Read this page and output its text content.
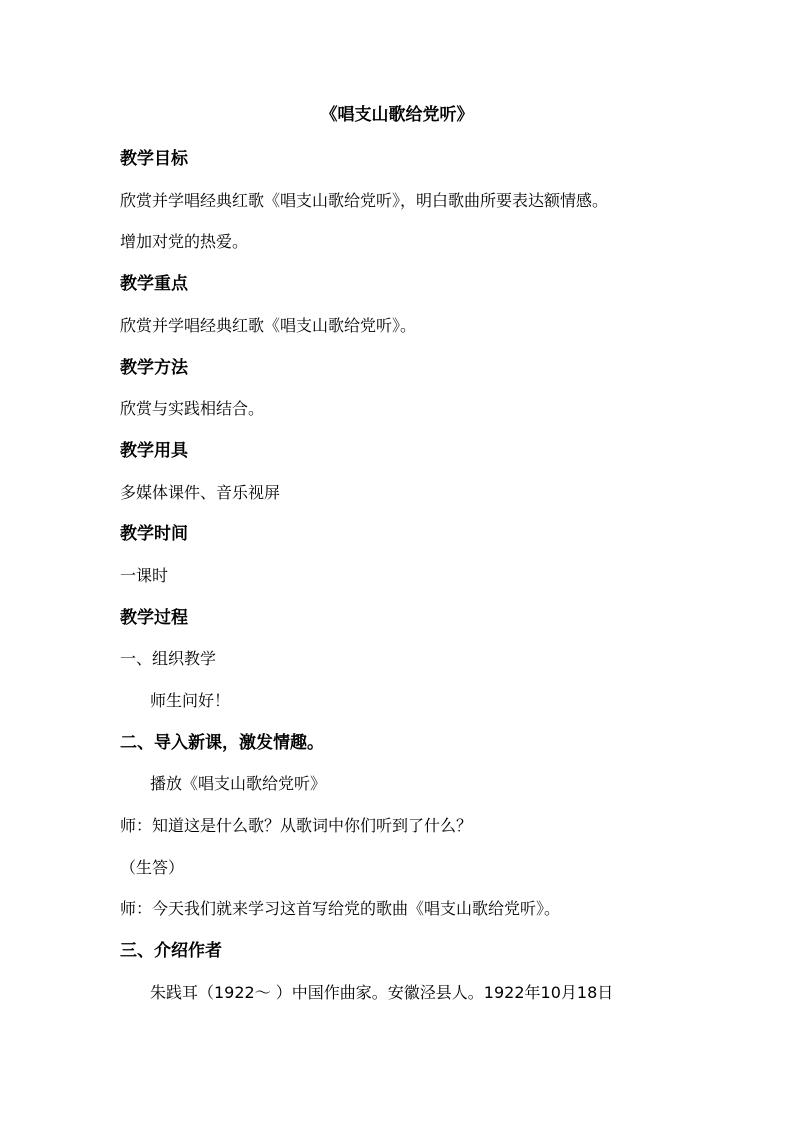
《唱支山歌给党听》
教学目标
欣赏并学唱经典红歌《唱支山歌给党听》，明白歌曲所要表达额情感。
增加对党的热爱。
教学重点
欣赏并学唱经典红歌《唱支山歌给党听》。
教学方法
欣赏与实践相结合。
教学用具
多媒体课件、音乐视屏
教学时间
一课时
教学过程
一、组织教学
师生问好！
二、导入新课，激发情趣。
播放《唱支山歌给党听》
师：知道这是什么歌？从歌词中你们听到了什么？
（生答）
师：今天我们就来学习这首写给党的歌曲《唱支山歌给党听》。
三、介绍作者
朱践耳（1922～ ）中国作曲家。安徽泾县人。1922年10月18日
